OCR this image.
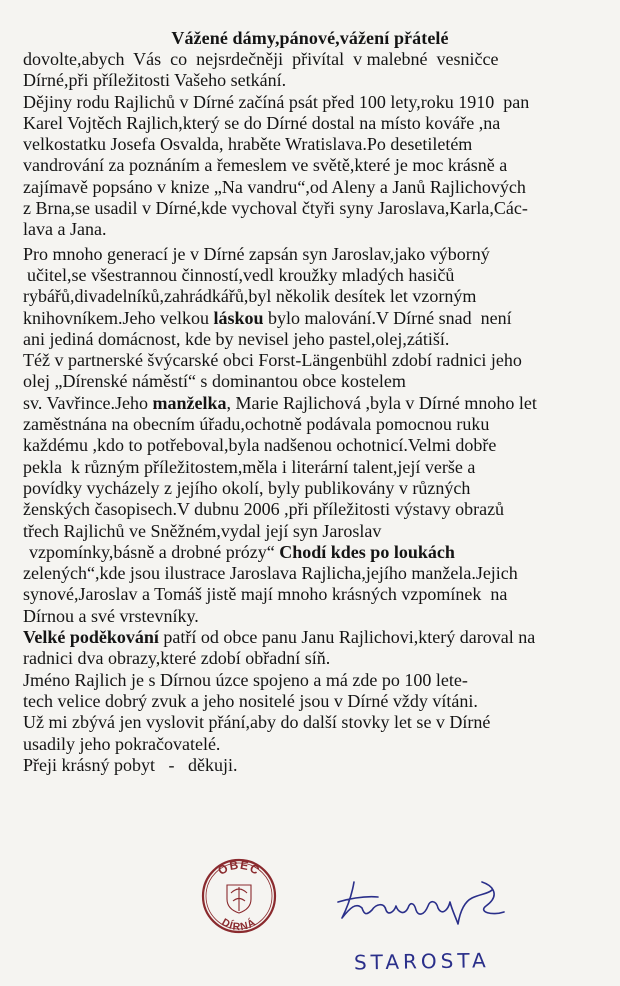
Vážené dámy,pánové,vážení přátelé
dovolte,abych  Vás  co  nejsrdečněji  přivítal  v malebné  vesničce
Dírné,při příležitosti Vašeho setkání.
Dějiny rodu Rajlichů v Dírné začíná psát před 100 lety,roku 1910  pan
Karel Vojtěch Rajlich,který se do Dírné dostal na místo kováře ,na
velkostatku Josefa Osvalda, hraběte Wratislava.Po desetiletém
vandrování za poznáním a řemeslem ve světě,které je moc krásně a
zajímavě popsáno v knize „Na vandru“,od Aleny a Janů Rajlichových
z Brna,se usadil v Dírné,kde vychoval čtyři syny Jaroslava,Karla,Các-
lava a Jana.
Pro mnoho generací je v Dírné zapsán syn Jaroslav,jako výborný
učitel,se všestrannou činností,vedl kroužky mladých hasičů
rybářů,divadelníků,zahrádkářů,byl několik desítek let vzorným
knihovníkem.Jeho velkou láskou bylo malování.V Dírné snad  není
ani jediná domácnost, kde by nevisel jeho pastel,olej,zátiší.
Též v partnerské švýcarské obci Forst-Längenbühl zdobí radnici jeho
olej „Dírenské náměstí“ s dominantou obce kostelem
sv. Vavřince.Jeho manželka, Marie Rajlichová ,byla v Dírné mnoho let
zaměstnána na obecním úřadu,ochotně podávala pomocnou ruku
každému ,kdo to potřeboval,byla nadšenou ochotnicí.Velmi dobře
pekla  k různým příležitostem,měla i literární talent,její verše a
povídky vycházely z jejího okolí, byly publikovány v různých
ženských časopisech.V dubnu 2006 ,při příležitosti výstavy obrazů
třech Rajlichů ve Sněžném,vydal její syn Jaroslav
vzpomínky,básně a drobné prózy“ Chodí kdes po loukách
zelených“,kde jsou ilustrace Jaroslava Rajlicha,jejího manžela.Jejich
synové,Jaroslav a Tomáš jistě mají mnoho krásných vzpomínek  na
Dírnou a své vrstevníky.
Velké poděkování patří od obce panu Janu Rajlichovi,který daroval na
radnici dva obrazy,které zdobí obřadní síň.
Jméno Rajlich je s Dírnou úzce spojeno a má zde po 100 lete-
tech velice dobrý zvuk a jeho nositelé jsou v Dírné vždy vítáni.
Už mi zbývá jen vyslovit přání,aby do další stovky let se v Dírné
usadily jeho pokračovatelé.
Přeji krásný pobyt   -   děkuji.
OBEC
DÍRNÁ
STAROSTA
